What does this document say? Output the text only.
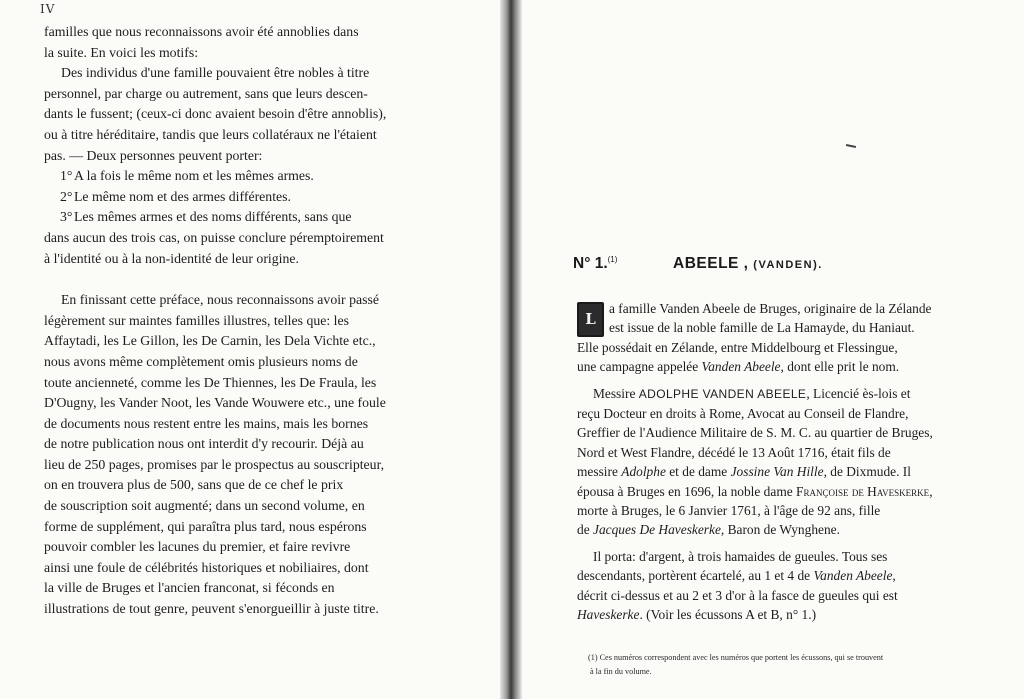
IV

familles que nous reconnaissons avoir été annoblies dans

la suite. En voici les motifs:

Des individus d'une famille pouvaient être nobles à titre

personnel, par charge ou autrement, sans que leurs descen-

dants le fussent; (ceux-ci donc avaient besoin d'être annoblis),

ou à titre héréditaire, tandis que leurs collatéraux ne l'étaient

pas. — Deux personnes peuvent porter:

1° A la fois le même nom et les mêmes armes.
2° Le même nom et des armes différentes.
3° Les mêmes armes et des noms différents, sans que

dans aucun des trois cas, on puisse conclure péremptoirement

à l'identité ou à la non-identité de leur origine.

En finissant cette préface, nous reconnaissons avoir passé

légèrement sur maintes familles illustres, telles que: les

Affaytadi, les Le Gillon, les De Carnin, les Dela Vichte etc.,

nous avons même complètement omis plusieurs noms de

toute ancienneté, comme les De Thiennes, les De Fraula, les

D'Ougny, les Vander Noot, les Vande Wouwere etc., une foule

de documents nous restent entre les mains, mais les bornes

de notre publication nous ont interdit d'y recourir. Déjà au

lieu de 250 pages, promises par le prospectus au souscripteur,

on en trouvera plus de 500, sans que de ce chef le prix

de souscription soit augmenté; dans un second volume, en

forme de supplément, qui paraîtra plus tard, nous espérons

pouvoir combler les lacunes du premier, et faire revivre

ainsi une foule de célébrités historiques et nobiliaires, dont

la ville de Bruges et l'ancien franconat, si féconds en

illustrations de tout genre, peuvent s'enorgueillir à juste titre.

N° 1.$^{(1)}$	ABEELE , (VANDEN).
L

a famille Vanden Abeele de Bruges, originaire de la Zélande

est issue de la noble famille de La Hamayde, du Haniaut.

Elle possédait en Zélande, entre Middelbourg et Flessingue,

une campagne appelée Vanden Abeele, dont elle prit le nom.

Messire ADOLPHE VANDEN ABEELE, Licencié ès-lois et

reçu Docteur en droits à Rome, Avocat au Conseil de Flandre,

Greffier de l'Audience Militaire de S. M. C. au quartier de Bruges,

Nord et West Flandre, décédé le 13 Août 1716, était fils de

messire Adolphe et de dame Jossine Van Hille, de Dixmude. Il

épousa à Bruges en 1696, la noble dame Françoise de Haveskerke,

morte à Bruges, le 6 Janvier 1761, à l'âge de 92 ans, fille

de Jacques De Haveskerke, Baron de Wynghene.

Il porta: d'argent, à trois hamaides de gueules. Tous ses

descendants, portèrent écartelé, au 1 et 4 de Vanden Abeele,

décrit ci-dessus et au 2 et 3 d'or à la fasce de gueules qui est

Haveskerke. (Voir les écussons A et B, n° 1.)

(1) Ces numéros correspondent avec les numéros que portent les écussons, qui se trouvent
à la fin du volume.
